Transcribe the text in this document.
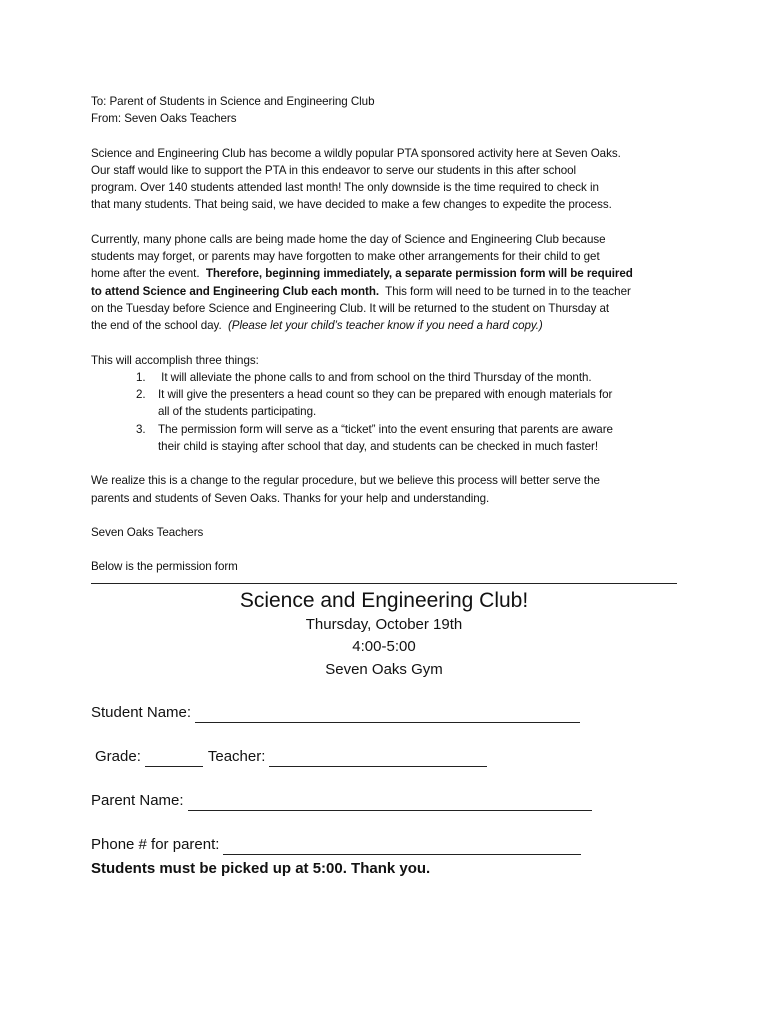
To: Parent of Students in Science and Engineering Club
From: Seven Oaks Teachers
Science and Engineering Club has become a wildly popular PTA sponsored activity here at Seven Oaks.
Our staff would like to support the PTA in this endeavor to serve our students in this after school
program. Over 140 students attended last month! The only downside is the time required to check in
that many students. That being said, we have decided to make a few changes to expedite the process.
Currently, many phone calls are being made home the day of Science and Engineering Club because
students may forget, or parents may have forgotten to make other arrangements for their child to get
home after the event.  Therefore, beginning immediately, a separate permission form will be required
to attend Science and Engineering Club each month.  This form will need to be turned in to the teacher
on the Tuesday before Science and Engineering Club. It will be returned to the student on Thursday at
the end of the school day.  (Please let your child’s teacher know if you need a hard copy.)
This will accomplish three things:
1. It will alleviate the phone calls to and from school on the third Thursday of the month.
2. It will give the presenters a head count so they can be prepared with enough materials for
all of the students participating.
3. The permission form will serve as a “ticket” into the event ensuring that parents are aware
their child is staying after school that day, and students can be checked in much faster!
We realize this is a change to the regular procedure, but we believe this process will better serve the
parents and students of Seven Oaks. Thanks for your help and understanding.
Seven Oaks Teachers
Below is the permission form
Science and Engineering Club!
Thursday, October 19th
4:00-5:00
Seven Oaks Gym
Student Name:
Grade:	Teacher:
Parent Name:
Phone # for parent:
Students must be picked up at 5:00. Thank you.
